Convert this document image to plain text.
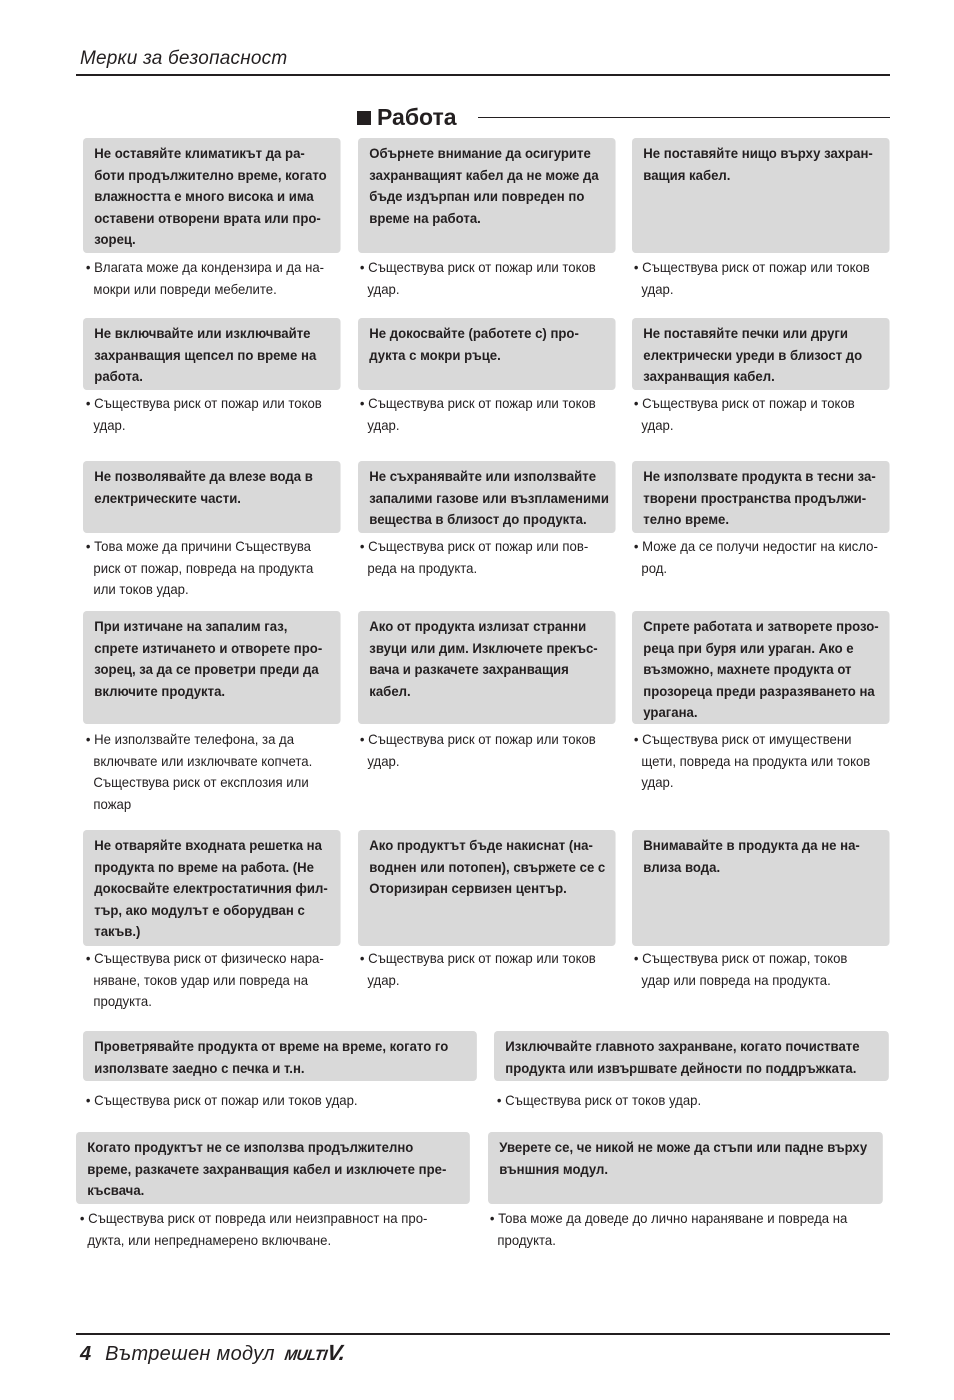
Мерки за безопасност
Работа
Не оставяйте климатикът да ра-
боти продължително време, когато
влажността е много висока и има
оставени отворени врата или про-
зорец.
• Влагата може да кондензира и да на-
мокри или повреди мебелите.
Обърнете внимание да осигурите
захранващият кабел да не може да
бъде издърпан или повреден по
време на работа.
• Съществува риск от пожар или токов
удар.
Не поставяйте нищо върху захран-
ващия кабел.
• Съществува риск от пожар или токов
удар.
Не включвайте или изключвайте
захранващия щепсел по време на
работа.
• Съществува риск от пожар или токов
удар.
Не докосвайте (работете с) про-
дукта с мокри ръце.
• Съществува риск от пожар или токов
удар.
Не поставяйте печки или други
електрически уреди в близост до
захранващия кабел.
• Съществува риск от пожар и токов
удар.
Не позволявайте да влезе вода в
електрическите части.
• Това може да причини Съществува
риск от пожар, повреда на продукта
или токов удар.
Не съхранявайте или използвайте
запалими газове или възпламеними
вещества в близост до продукта.
• Съществува риск от пожар или пов-
реда на продукта.
Не използвате продукта в тесни за-
творени пространства продължи-
телно време.
• Може да се получи недостиг на кисло-
род.
При изтичане на запалим газ,
спрете изтичането и отворете про-
зорец, за да се проветри преди да
включите продукта.
• Не използвайте телефона, за да
включвате или изключвате копчета.
Съществува риск от експлозия или
пожар
Ако от продукта излизат странни
звуци или дим. Изключете прекъс-
вача и разкачете захранващия
кабел.
• Съществува риск от пожар или токов
удар.
Спрете работата и затворете прозо-
реца при буря или ураган. Ако е
възможно, махнете продукта от
прозореца преди разразяването на
урагана.
• Съществува риск от имуществени
щети, повреда на продукта или токов
удар.
Не отваряйте входната решетка на
продукта по време на работа. (Не
докосвайте електростатичния фил-
тър, ако модулът е оборудван с
такъв.)
• Съществува риск от физическо нара-
няване, токов удар или повреда на
продукта.
Ако продуктът бъде накиснат (на-
воднен или потопен), свържете се с
Оторизиран сервизен център.
• Съществува риск от пожар или токов
удар.
Внимавайте в продукта да не на-
влиза вода.
• Съществува риск от пожар, токов
удар или повреда на продукта.
Проветрявайте продукта от време на време, когато го
използвате заедно с печка и т.н.
• Съществува риск от пожар или токов удар.
Изключвайте главното захранване, когато почиствате
продукта или извършвате дейности по поддръжката.
• Съществува риск от токов удар.
Когато продуктът не се използва продължително
време, разкачете захранващия кабел и изключете пре-
късвача.
• Съществува риск от повреда или неизправност на про-
дукта, или непреднамерено включване.
Уверете се, че никой не може да стъпи или падне върху
външния модул.
• Това може да доведе до лично нараняване и повреда на
продукта.
4 Вътрешен модул MULTIV.
